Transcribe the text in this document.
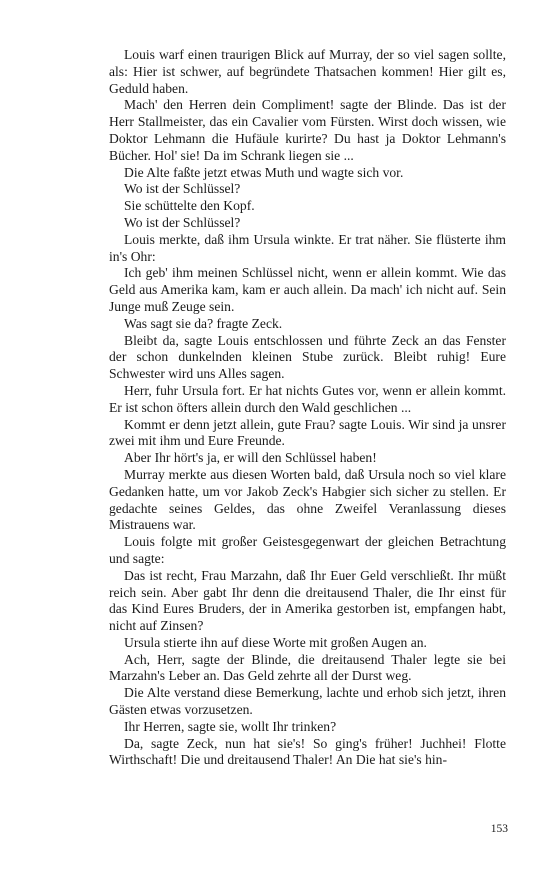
Louis warf einen traurigen Blick auf Murray, der so viel sagen sollte, als: Hier ist schwer, auf begründete Thatsachen kommen! Hier gilt es, Geduld haben.

Mach' den Herren dein Compliment! sagte der Blinde. Das ist der Herr Stallmeister, das ein Cavalier vom Fürsten. Wirst doch wissen, wie Doktor Lehmann die Hufäule kurirte? Du hast ja Doktor Lehmann's Bücher. Hol' sie! Da im Schrank liegen sie ...

Die Alte faßte jetzt etwas Muth und wagte sich vor.

Wo ist der Schlüssel?

Sie schüttelte den Kopf.

Wo ist der Schlüssel?

Louis merkte, daß ihm Ursula winkte. Er trat näher. Sie flüsterte ihm in's Ohr:

Ich geb' ihm meinen Schlüssel nicht, wenn er allein kommt. Wie das Geld aus Amerika kam, kam er auch allein. Da mach' ich nicht auf. Sein Junge muß Zeuge sein.

Was sagt sie da? fragte Zeck.

Bleibt da, sagte Louis entschlossen und führte Zeck an das Fenster der schon dunkelnden kleinen Stube zurück. Bleibt ruhig! Eure Schwester wird uns Alles sagen.

Herr, fuhr Ursula fort. Er hat nichts Gutes vor, wenn er allein kommt. Er ist schon öfters allein durch den Wald geschlichen ...

Kommt er denn jetzt allein, gute Frau? sagte Louis. Wir sind ja unsrer zwei mit ihm und Eure Freunde.

Aber Ihr hört's ja, er will den Schlüssel haben!

Murray merkte aus diesen Worten bald, daß Ursula noch so viel klare Gedanken hatte, um vor Jakob Zeck's Habgier sich sicher zu stellen. Er gedachte seines Geldes, das ohne Zweifel Veranlassung dieses Mistrauens war.

Louis folgte mit großer Geistesgegenwart der gleichen Betrachtung und sagte:

Das ist recht, Frau Marzahn, daß Ihr Euer Geld verschließt. Ihr müßt reich sein. Aber gabt Ihr denn die dreitausend Thaler, die Ihr einst für das Kind Eures Bruders, der in Amerika gestorben ist, empfangen habt, nicht auf Zinsen?

Ursula stierte ihn auf diese Worte mit großen Augen an.

Ach, Herr, sagte der Blinde, die dreitausend Thaler legte sie bei Marzahn's Leber an. Das Geld zehrte all der Durst weg.

Die Alte verstand diese Bemerkung, lachte und erhob sich jetzt, ihren Gästen etwas vorzusetzen.

Ihr Herren, sagte sie, wollt Ihr trinken?

Da, sagte Zeck, nun hat sie's! So ging's früher! Juchhei! Flotte Wirthschaft! Die und dreitausend Thaler! An Die hat sie's hin-

153
